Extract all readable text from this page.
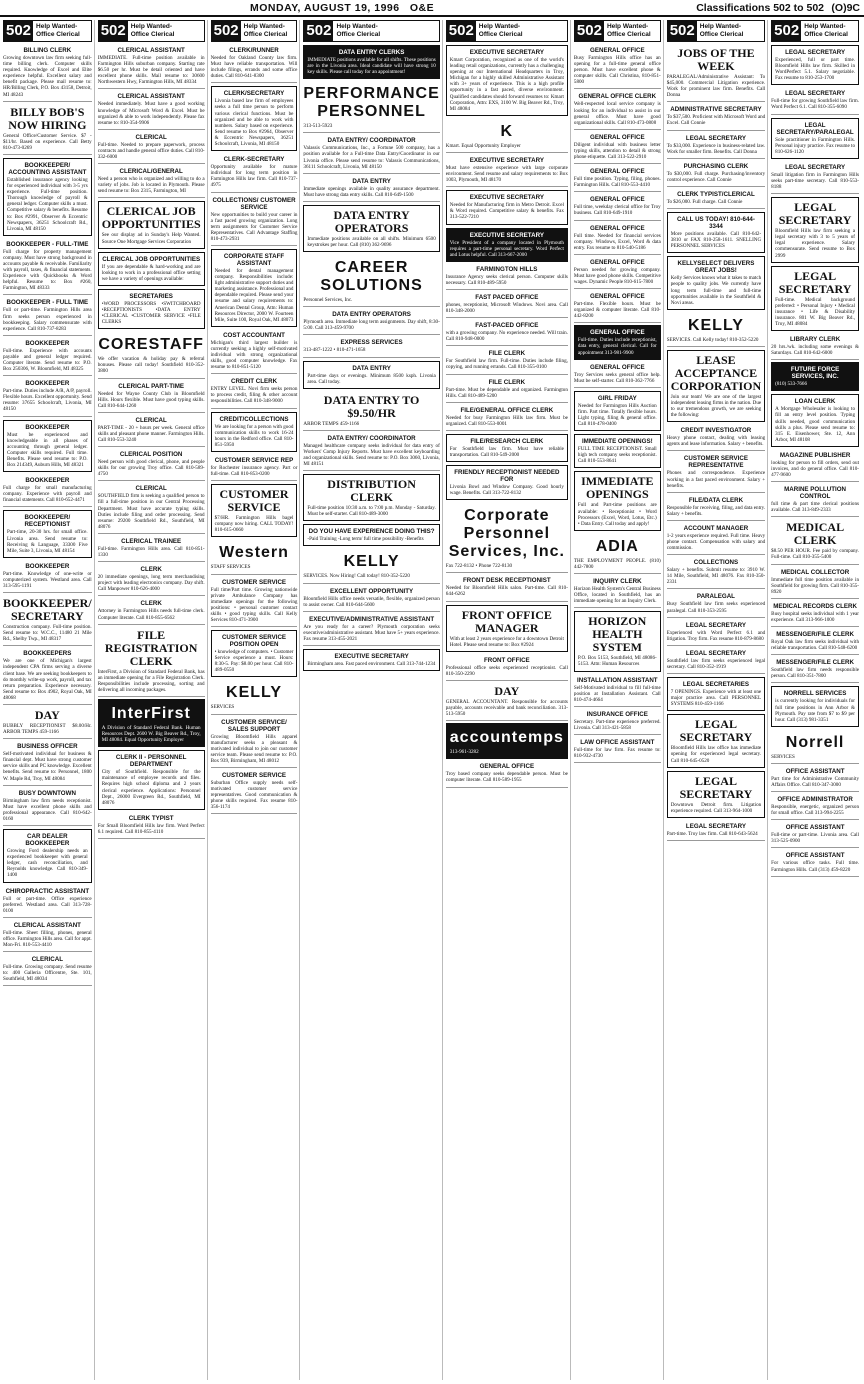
MONDAY, AUGUST 19, 1996 O&E	Classifications 502 to 502 (O)9C
502 Help Wanted-
Office Clerical
BILLING CLERK
Growing downtown law firm seeking full-time billing clerk. Computer skills required. Knowledge of Excel and Elite experience helpful. Excellent salary and benefit package. Please mail resume to: HR/Billing Clerk, P.O. Box 43158, Detroit, MI 48243
BILLY BOB'S NOW HIRING
General Office/Customer Service. $7 - $11/hr. Based on experience. Call Betty 810-473-0269
BOOKKEEPER/ ACCOUNTING ASSISTANT
Established insurance agency looking for experienced individual with 3-5 yrs experience. Full-time position. Thorough knowledge of payroll & general ledger. Computer skills a must. Competitive salary & benefits. Resume to: Box #2991, Observer & Eccentric Newspapers, 36251 Schoolcraft Rd., Livonia, MI 48150
BOOKKEEPER - FULL-TIME
Full charge for property management company. Must have strong background in accounts payable & receivable. Familiarity with payroll, taxes, & financial statements. Experience with Quickbooks & Word helpful. Resume to: Box #260, Farmington, MI 48333
BOOKKEEPER - FULL TIME
Full or part-time. Farmington Hills area firm seeks person experienced in bookkeeping. Salary commensurate with experience. Call 810-737-8283
BOOKKEEPER
Full-time. Experience with accounts payable and general ledger required. Computer literate. Send resume to: P.O. Box 250306, W. Bloomfield, MI 48325
BOOKKEEPER
Part-time. Duties include A/R, A/P, payroll. Flexible hours. Excellent opportunity. Send resume: 37655 Schoolcraft, Livonia, MI 48150
BOOKKEEPER
Must be experienced and knowledgeable in all phases of accounting through general ledger. Computer skills required. Full time. Benefits. Please send resume to: P.O. Box 214349, Auburn Hills, MI 48321
BOOKKEEPER
Full charge for small manufacturing company. Experience with payroll and financial statements. Call 810-652-4471
BOOKKEEPER/ RECEPTIONIST
Part-time, 20-30 hrs. for small office. Livonia area. Send resume to: Receiving & Language, 33300 Five Mile, Suite 3, Livonia, MI 48154
BOOKKEEPER
Part-time. Knowledge of one-write or computerized system. Westland area. Call 313-595-1191
BOOKKEEPER/ SECRETARY
Construction company. Full-time position. Send resume to: W.C.C., 11480 21 Mile Rd., Shelby Twp., MI 48317
BOOKKEEPERS
We are one of Michigan's largest independent CPA firms serving a diverse client base. We are seeking bookkeepers to do monthly write-up work, payroll, and tax return preparation. Experience necessary. Send resume to: Box 4902, Royal Oak, MI 48068
DAY
BUBBLY RECEPTIONIST $8.00/Hr. ARBOR TEMPS 459-1166
BUSINESS OFFICER
Self-motivated individual for business & financial dept. Must have strong customer service skills and PC knowledge. Excellent benefits. Send resume to: Personnel, 1800 W. Maple Rd, Troy, MI 48084
BUSY DOWNTOWN
Birmingham law firm needs receptionist. Must have excellent phone skills and professional appearance. Call 810-642-0160
CAR DEALER BOOKKEEPER
Growing Ford dealership needs an experienced bookkeeper with general ledger, cash reconciliation, and Reynolds knowledge. Call 810-349-1400
CHIROPRACTIC ASSISTANT
Full or part-time. Office experience preferred. Westland area. Call 313-728-0100
CLERICAL ASSISTANT
Full-time. Sheet filling, phones, general office. Farmington Hills area. Call for appt. Mon-Fri. 810-553-4410
CLERICAL
Full-time. Growing company. Send resume to: 400 Galleria Officentre, Ste. 101, Southfield, MI 48034
502 Help Wanted-
Office Clerical
CLERICAL ASSISTANT
IMMEDIATE. Full-time position available in Farmington Hills suburban company. Starting rate $6.50 per hr. Must be detail oriented and have excellent phone skills. Mail resume to: 30600 Northwestern Hwy, Farmington Hills, MI 48334
CLERICAL ASSISTANT
Needed immediately. Must have a good working knowledge of Microsoft Word & Excel. Must be organized & able to work independently. Please fax resume to: 810-354-9906
CLERICAL
Full-time. Needed to prepare paperwork, process contracts and handle general office duties. Call 810-332-6000
CLERICAL/GENERAL
Need a person who is organized and willing to do a variety of jobs. Job is located in Plymouth. Please send resume to: Box 2315, Farmington, MI
CLERICAL JOB OPPORTUNITIES
See our display ad in Sunday's Help Wanted. Source One Mortgage Services Corporation
CLERICAL JOB OPPORTUNITIES
If you are dependable & hard-working and are looking to work in a professional office setting we have a variety of openings available:
SECRETARIES
•WORD PROCESSORS •SWITCHBOARD •RECEPTIONISTS •DATA ENTRY •CLERICAL •CUSTOMER SERVICE •FILE CLERKS
CORESTAFF
We offer vacation & holiday pay & referral bonuses. Please call today! Southfield 810-352-3800
CLERICAL PART-TIME
Needed for Wayne County Club in Bloomfield Hills. Hours flexible. Must have good typing skills. Call 810-644-1260
CLERICAL
PART-TIME - 20 + hours per week. General office skills and pleasant phone manner. Farmington Hills. Call 810-553-3240
CLERICAL POSITION
Need person with good clerical, phone, and people skills for our growing Troy office. Call 810-589-4750
CLERICAL
SOUTHFIELD firm is seeking a qualified person to fill a full-time position in our Central Processing Department. Must have accurate typing skills. Duties include filing and order processing. Send resume: 29200 Southfield Rd., Southfield, MI 48076
CLERICAL TRAINEE
Full-time. Farmington Hills area. Call 810-851-1330
CLERK
20 immediate openings, long term merchandising project with leading electronics company. Day shift. Call Manpower 810-626-4000
CLERK
Attorney in Farmington Hills needs full-time clerk. Computer literate. Call 810-855-6562
FILE REGISTRATION CLERK
InterFirst, a Division of Standard Federal Bank, has an immediate opening for a File Registration Clerk. Responsibilities include processing, sorting and delivering all incoming packages.
InterFirst
A Division of Standard Federal Bank. Human Resources Dept. 2600 W. Big Beaver Rd., Troy, MI 48084. Equal Opportunity Employer
CLERK II - PERSONNEL DEPARTMENT
City of Southfield. Responsible for the maintenance of employee records and files. Requires high school diploma and 2 years clerical experience. Applications: Personnel Dept., 26000 Evergreen Rd., Southfield, MI 48076
CLERK TYPIST
For Small Bloomfield Hills law firm. Word Perfect 6.1 required. Call 810-855-4110
502 Help Wanted-
Office Clerical
CLERK/RUNNER
Needed for Oakland County law firm. Must have reliable transportation. Will include filings, errands and some office duties. Call 810-641-8300
CLERK/SECRETARY
Livonia based law firm of employees seeks a full time person to perform various clerical functions. Must be organized and be able to work with numbers. Salary based on experience. Send resume to Box #2964, Observer & Eccentric Newspapers, 36251 Schoolcraft, Livonia, MI 48150
CLERK-SECRETARY
Opportunity available for mature individual for long term position in Farmington Hills law firm. Call 810-737-4975
COLLECTIONS/ CUSTOMER SERVICE
New opportunities to build your career in a fast paced growing organization. Long term assignments for Customer Service Representatives. Call Advantage Staffing 810-473-2931
CORPORATE STAFF ASSISTANT
Needed for dental management company. Responsibilities include: light administrative support duties and marketing assistance. Professional and dependable required. Please send your resume and salary requirements to: American Dental Group, Attn: Human Resources Director, 2000 W. Fourteen Mile, Suite 100, Royal Oak, MI 48073
COST ACCOUNTANT
Michigan's third largest builder is currently seeking a highly self-motivated individual with strong organizational skills, good computer knowledge. Fax resume to 810-851-5120
CREDIT CLERK
ENTRY LEVEL. Novi firm seeks person to process credit, filing & other account responsibilities. Call 810-348-9000
CREDIT/COLLECTIONS
We are looking for a person with good communication skills to work 16-24 hours in the Redford office. Call 810-851-5950
CUSTOMER SERVICE REP
for Rochester insurance agency. Part or full-time. Call 810-853-0200
CUSTOMER SERVICE
$7/HR. Farmington Hills bagel company now hiring. CALL TODAY! 810-615-0660
Western
STAFF SERVICES
CUSTOMER SERVICE
Full time/Part time. Growing nationwide private Ambulance Company has immediate openings for the following positions: • personal customer contact skills • good typing skills. Call Kelly Services 810-471-3900
CUSTOMER SERVICE POSITION OPEN
• knowledge of computers. • Customer Service experience a must. Hours: 8:30-5. Pay: $8.00 per hour. Call 810-489-0550
KELLY
SERVICES
CUSTOMER SERVICE/ SALES SUPPORT
Growing Bloomfield Hills apparel manufacturer seeks a pleasant & motivated individual to join our customer service team. Please send resume to: P.O. Box 939, Birmingham, MI 48012
CUSTOMER SERVICE
Suburban Office supply needs self-motivated customer service representatives. Good communication & phone skills required. Fax resume 810-356-1174
502 Help Wanted-
Office Clerical
DATA ENTRY CLERKS
IMMEDIATE positions available for all shifts. These positions are in the Livonia area. Ideal candidate will have strong 10 key skills. Please call today for an appointment!
PERFORMANCE PERSONNEL
313-513-5923
DATA ENTRY/ COORDINATOR
Valassis Communications, Inc., a Fortune 500 company, has a position available for a Full-time Data Entry/Coordinator in our Livonia office. Please send resume to: Valassis Communications, 36111 Schoolcraft, Livonia, MI 48150
DATA ENTRY
Immediate openings available in quality assurance department. Must have strong data entry skills. Call 810-649-1500
DATA ENTRY OPERATORS
Immediate positions available on all shifts. Minimum 6500 keystrokes per hour. Call (810) 362-9696
CAREER SOLUTIONS
Personnel Services, Inc.
DATA ENTRY OPERATORS
Plymouth area. Immediate long term assignments. Day shift, 8:30-5:00. Call 313-459-9700
EXPRESS SERVICES
313-487-1222 • 810-471-1658
DATA ENTRY
Part-time days or evenings. Minimum 8500 ksph. Livonia area. Call today.
DATA ENTRY TO $9.50/HR
ARBOR TEMPS 459-1166
DATA ENTRY/ COORDINATOR
Managed healthcare company seeks individual for data entry of Workers' Comp Injury Reports. Must have excellent keyboarding and organizational skills. Send resume to: P.O. Box 3060, Livonia, MI 48151
DISTRIBUTION CLERK
Full-time position 10:30 a.m. to 7:00 p.m. Monday - Saturday. Must be self-starter. Call 810-489-3000
DO YOU HAVE EXPERIENCE DOING THIS?
-Paid Training -Long term/ full time possibility -Benefits
KELLY
SERVICES. Now Hiring! Call today! 810-352-5220
EXCELLENT OPPORTUNITY
Bloomfield Hills office needs versatile, flexible, organized person to assist owner. Call 810-644-5600
EXECUTIVE/ADMINISTRATIVE ASSISTANT
Are you ready for a career? Plymouth corporation seeks executive/administrative assistant. Must have 5+ years experience. Fax resume 313-455-2021
EXECUTIVE SECRETARY
Birmingham area. Fast paced environment. Call 313-744-1234
502 Help Wanted-
Office Clerical
EXECUTIVE SECRETARY
Kmart Corporation, recognized as one of the world's leading retail organizations, currently has a challenging opening at our International Headquarters in Troy, Michigan for a highly skilled Administrative Assistant with 3+ years of experience. This is a high profile opportunity in a fast paced, diverse environment. Qualified candidates should forward resumes to: Kmart Corporation, Attn: EXS, 3100 W. Big Beaver Rd., Troy, MI 48084
K
Kmart. Equal Opportunity Employer
EXECUTIVE SECRETARY
Must have extensive experience with large corporate environment. Send resume and salary requirements to: Box 1003, Plymouth, MI 48170
EXECUTIVE SECRETARY
Needed for Manufacturing firm in Metro Detroit. Excel & Word required. Competitive salary & benefits. Fax 313-522-7210
EXECUTIVE SECRETARY
Vice President of a company located in Plymouth requires a part-time personal secretary. Word Perfect and Lotus helpful. Call 313-667-2000
FARMINGTON HILLS
Insurance Agency seeks clerical person. Computer skills necessary. Call 810-489-5950
FAST PACED OFFICE
phones, receptionist, Microsoft Windows. Novi area. Call 810-348-2000
FAST-PACED OFFICE
with a growing company. No experience needed. Will train. Call 810-948-0000
FILE CLERK
For Southfield law firm. Full-time. Duties include filing, copying, and running errands. Call 810-355-0100
FILE CLERK
Part-time. Must be dependable and organized. Farmington Hills. Call 810-489-5200
FILE/GENERAL OFFICE CLERK
Needed for busy Farmington Hills law firm. Must be organized. Call 810-553-0001
FILE/RESEARCH CLERK
For Southfield law firm. Must have reliable transportation. Call 810-549-2000
FRIENDLY RECEPTIONIST NEEDED FOR
Livonia Bowl and Window Company. Good hourly wage. Benefits. Call 313-722-8132
Corporate Personnel Services, Inc.
Fax 722-8132 • Phone 722-8130
FRONT DESK RECEPTIONIST
Needed for Bloomfield Hills salon. Part-time. Call 810-644-6262
FRONT OFFICE MANAGER
With at least 2 years experience for a downtown Detroit Hotel. Please send resume to: Box #2924
FRONT OFFICE
Professional office seeks experienced receptionist. Call 810-350-2290
DAY
GENERAL ACCOUNTANT. Responsible for accounts payable, accounts receivable and bank reconciliation. 313-513-5950
accountemps
313-961-3282
GENERAL OFFICE
Troy based company seeks dependable person. Must be computer literate. Call 810-589-1955
502 Help Wanted-
Office Clerical
GENERAL OFFICE
Busy Farmington Hills office has an opening for a full-time general office person. Must have excellent phone & computer skills. Call Christina, 810-851-5800
GENERAL OFFICE CLERK
Well-respected local service company is looking for an individual to assist in our general office. Must have good organizational skills. Call 810-473-0808
GENERAL OFFICE
Diligent individual with business letter typing skills, attention to detail & strong phone etiquette. Call 313-522-2910
GENERAL OFFICE
Full time position. Typing, filing, phones. Farmington Hills. Call 810-553-4410
GENERAL OFFICE
Full time, weekday clerical office for Troy business. Call 810-649-1910
GENERAL OFFICE
Full time. Needed for financial services company. Windows, Excel, Word & data entry. Fax resume to 810-540-5186
GENERAL OFFICE
Person needed for growing company. Must have good phone skills. Competitive wages. Dynamic People 810-615-7800
GENERAL OFFICE
Part-time. Flexible hours. Must be organized & computer literate. Call 810-442-8200
GENERAL OFFICE
Full-time. Duties include receptionist, data entry, general clerical. Call for appointment 313-981-9900
GENERAL OFFICE
Troy Services seeks general office help. Must be self-starter. Call 810-362-7766
GIRL FRIDAY
Needed for Farmington Hills Auction firm. Part time. Totally flexible hours. Light typing, filing & general office. Call 810-478-0400
IMMEDIATE OPENINGS!
FULL TIME RECEPTIONIST. Small high tech company seeks receptionist. Call 810-553-8641
IMMEDIATE OPENINGS
Full and Part-time positions are available: • Receptionist • Word Processors (Excel, Word, Lotus, Etc.) • Data Entry. Call today and apply!
ADIA
THE EMPLOYMENT PEOPLE. (810) 442-7800
INQUIRY CLERK
Horizon Health System's Central Business Office, located in Southfield, has an immediate opening for an Inquiry Clerk.
HORIZON HEALTH SYSTEM
P.O. Box 5153, Southfield, MI 48086-5153. Attn: Human Resources
INSTALLATION ASSISTANT
Self-Motivated individual to fill full-time position at Installation Assistant. Call 810-474-4664
INSURANCE OFFICE
Secretary. Part-time experience preferred. Livonia. Call 313-421-5858
LAW OFFICE ASSISTANT
Full-time for law firm. Fax resume to: 810-932-4730
502 Help Wanted-
Office Clerical
JOBS OF THE WEEK
PARALEGAL/Administrative Assistant: To $45,000. Commercial Litigation experience. Work for prominent law firm. Benefits. Call Donna
ADMINISTRATIVE SECRETARY
To $37,500. Proficient with Microsoft Word and Excel. Call Connie
LEGAL SECRETARY
To $33,000. Experience in business-related law. Work for smaller firm. Benefits. Call Donna
PURCHASING CLERK
To $30,000. Full charge. Purchasing/inventory control experience. Call Connie
CLERK TYPIST/CLERICAL
To $26,000. Full charge. Call Connie
CALL US TODAY! 810-644-3344
More positions available. Call 810-642-3810 or FAX 810-258-1611. SNELLING PERSONNEL SERVICES
KELLYSELECT DELIVERS GREAT JOBS!
Kelly Services knows what it takes to match people to quality jobs. We currently have long term full-time and full-time opportunities available in the Southfield & Novi areas.
KELLY
SERVICES. Call Kelly today! 810-352-5220
LEASE ACCEPTANCE CORPORATION
Join our team! We are one of the largest independent leasing firms in the nation. Due to our tremendous growth, we are seeking the following:
CREDIT INVESTIGATOR
Heavy phone contact, dealing with leasing agents and lease information. Salary + benefits.
CUSTOMER SERVICE REPRESENTATIVE
Phones and correspondence. Experience working in a fast paced environment. Salary + benefits.
FILE/DATA CLERK
Responsible for receiving, filing, and data entry. Salary + benefits.
ACCOUNT MANAGER
1-2 years experience required. Full time. Heavy phone contact. Compensation with salary and commission.
COLLECTIONS
Salary + benefits. Submit resume to: 3910 W. 14 Mile, Southfield, MI 48076. Fax 810-350-2331
PARALEGAL
Busy Southfield law firm seeks experienced paralegal. Call 810-353-2595
LEGAL SECRETARY
Experienced with Word Perfect 6.1 and litigation. Troy firm. Fax resume 810-879-8680
LEGAL SECRETARY
Southfield law firm seeks experienced legal secretary. Call 810-352-1919
LEGAL SECRETARIES
7 OPENINGS. Experience with at least one major practice area. Call PERSONNEL SYSTEMS 810-459-1166
LEGAL SECRETARY
Bloomfield Hills law office has immediate opening for experienced legal secretary. Call 810-645-0520
LEGAL SECRETARY
Downtown Detroit firm. Litigation experience required. Call 313-964-1000
LEGAL SECRETARY
Part-time. Troy law firm. Call 810-643-5624
502 Help Wanted-
Office Clerical
LEGAL SECRETARY
Experienced, full or part time. Bloomfield Hills law firm. Skilled in WordPerfect 5.1. Salary negotiable. Fax resume to 810-253-1700
LEGAL SECRETARY
Full-time for growing Southfield law firm. Word Perfect 6.1. Call 810-355-6090
LEGAL SECRETARY/PARALEGAL
Sole practitioner in Farmington Hills. Personal injury practice. Fax resume to 810-626-1120
LEGAL SECRETARY
Small litigation firm in Farmington Hills seeks part-time secretary. Call 810-553-8188
LEGAL SECRETARY
Bloomfield Hills law firm seeking a legal secretary with 3 to 5 years of legal experience. Salary commensurate. Send resume to Box 2999
LEGAL SECRETARY
Full-time. Medical background preferred: • Personal Injury • Medical insurance • Life & Disability insurance. 801 W. Big Beaver Rd., Troy, MI 48084
LIBRARY CLERK
20 hrs./wk. including some evenings & Saturdays. Call 810-642-6000
FUTURE FORCE SERVICES, INC.
(810) 533-7666
LOAN CLERK
A Mortgage Wholesaler is looking to fill an entry level position. Typing skills needed, good communication skills a plus. Please send resume to: 315 E. Eisenhower, Ste. 12, Ann Arbor, MI 48108
MAGAZINE PUBLISHER
looking for person to fill orders, send out invoices, and do general office. Call 810-477-9600
MARINE POLLUTION CONTROL
full time & part time clerical positions available. Call 313-849-2333
MEDICAL CLERK
$8.50 PER HOUR. Fee paid by company. Full-time. Call 810-355-5400
MEDICAL COLLECTOR
Immediate full time position available in Southfield for growing firm. Call 810-355-8920
MEDICAL RECORDS CLERK
Busy hospital seeks individual with 1 year experience. Call 313-966-1000
MESSENGER/FILE CLERK
Royal Oak law firm seeks individual with reliable transportation. Call 810-548-6200
MESSENGER/FILE CLERK
Southfield law firm needs responsible person. Call 810-351-7800
NORRELL SERVICES
is currently looking for individuals for full time positions in Ann Arbor & Plymouth. Pay rate from $7 to $9 per hour. Call (313) 981-3351
Norrell
SERVICES
OFFICE ASSISTANT
Part time for Administrative Community Affairs Office. Call 810-347-3000
OFFICE ADMINISTRATOR
Responsible, energetic, organized person for small office. Call 313-994-2255
OFFICE ASSISTANT
Full-time or part-time. Livonia area. Call 313-525-0900
OFFICE ASSISTANT
For various office tasks. Full time. Farmington Hills. Call (313) 459-8220
